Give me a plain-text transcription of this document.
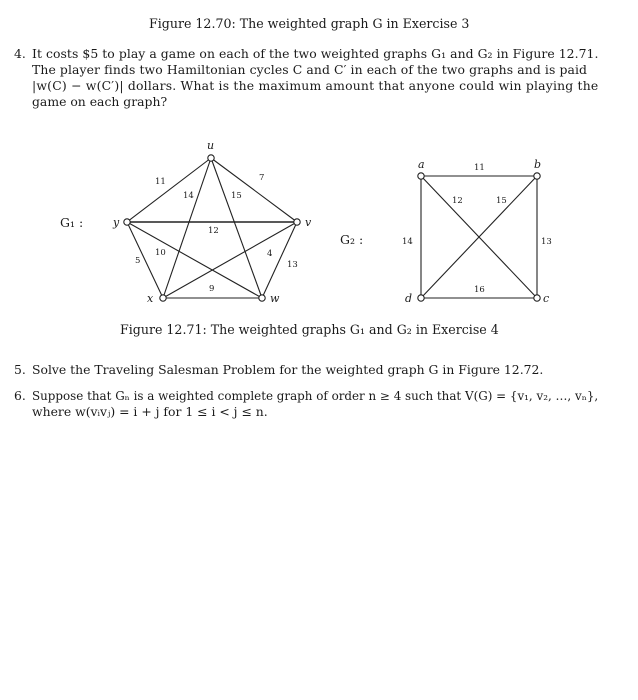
Figure 12.70: The weighted graph G in Exercise 3
4. It costs $5 to play a game on each of the two weighted graphs G₁ and G₂ in Figure 12.71.
The player finds two Hamiltonian cycles C and C′ in each of the two graphs and is paid
|w(C) − w(C′)| dollars. What is the maximum amount that anyone could win playing the
game on each graph?
u
y	v
x	w
11	7
14	15
12
5
10
13
4
9
G₁ :
a	b
d	c
11
12	15
14	13
16
G₂ :
Figure 12.71: The weighted graphs G₁ and G₂ in Exercise 4
5. Solve the Traveling Salesman Problem for the weighted graph G in Figure 12.72.
6. Suppose that Gₙ is a weighted complete graph of order n ≥ 4 such that V(G) = {v₁, v₂, …, vₙ},
where w(vᵢvⱼ) = i + j for 1 ≤ i < j ≤ n.
